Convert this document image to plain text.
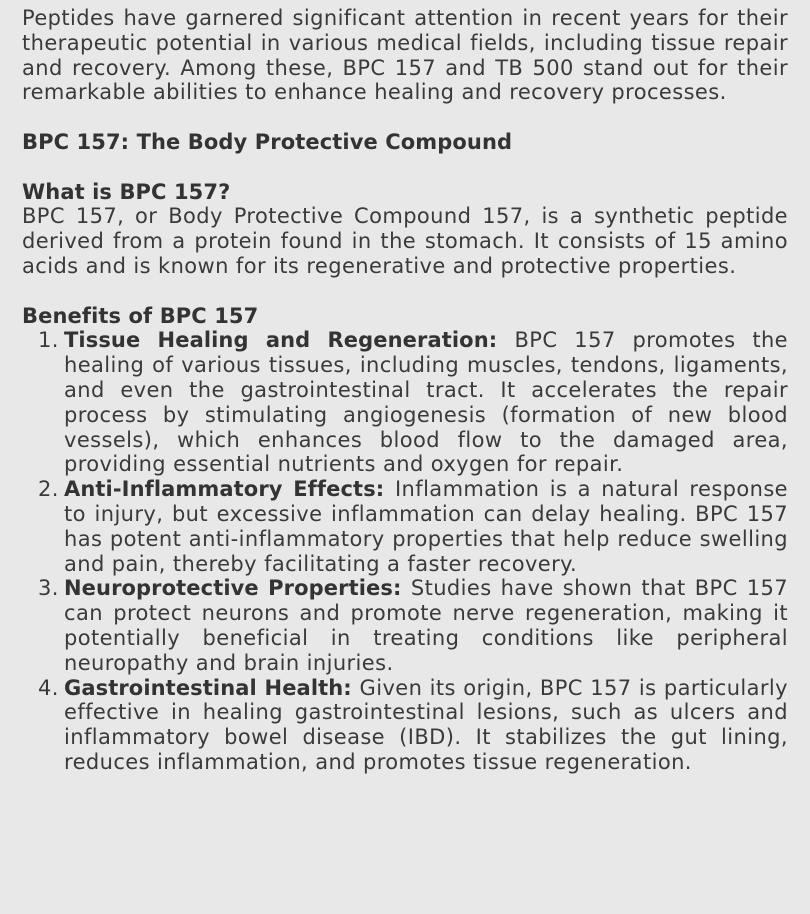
Peptides have garnered significant attention in recent years for their therapeutic potential in various medical fields, including tissue repair and recovery. Among these, BPC 157 and TB 500 stand out for their remarkable abilities to enhance healing and recovery processes.

BPC 157: The Body Protective Compound
What is BPC 157?

BPC 157, or Body Protective Compound 157, is a synthetic peptide derived from a protein found in the stomach. It consists of 15 amino acids and is known for its regenerative and protective properties.

Benefits of BPC 157
1. Tissue Healing and Regeneration: BPC 157 promotes the healing of various tissues, including muscles, tendons, ligaments, and even the gastrointestinal tract. It accelerates the repair process by stimulating angiogenesis (formation of new blood vessels), which enhances blood flow to the damaged area, providing essential nutrients and oxygen for repair.
2. Anti-Inflammatory Effects: Inflammation is a natural response to injury, but excessive inflammation can delay healing. BPC 157 has potent anti-inflammatory properties that help reduce swelling and pain, thereby facilitating a faster recovery.
3. Neuroprotective Properties: Studies have shown that BPC 157 can protect neurons and promote nerve regeneration, making it potentially beneficial in treating conditions like peripheral neuropathy and brain injuries.
4. Gastrointestinal Health: Given its origin, BPC 157 is particularly effective in healing gastrointestinal lesions, such as ulcers and inflammatory bowel disease (IBD). It stabilizes the gut lining, reduces inflammation, and promotes tissue regeneration.
